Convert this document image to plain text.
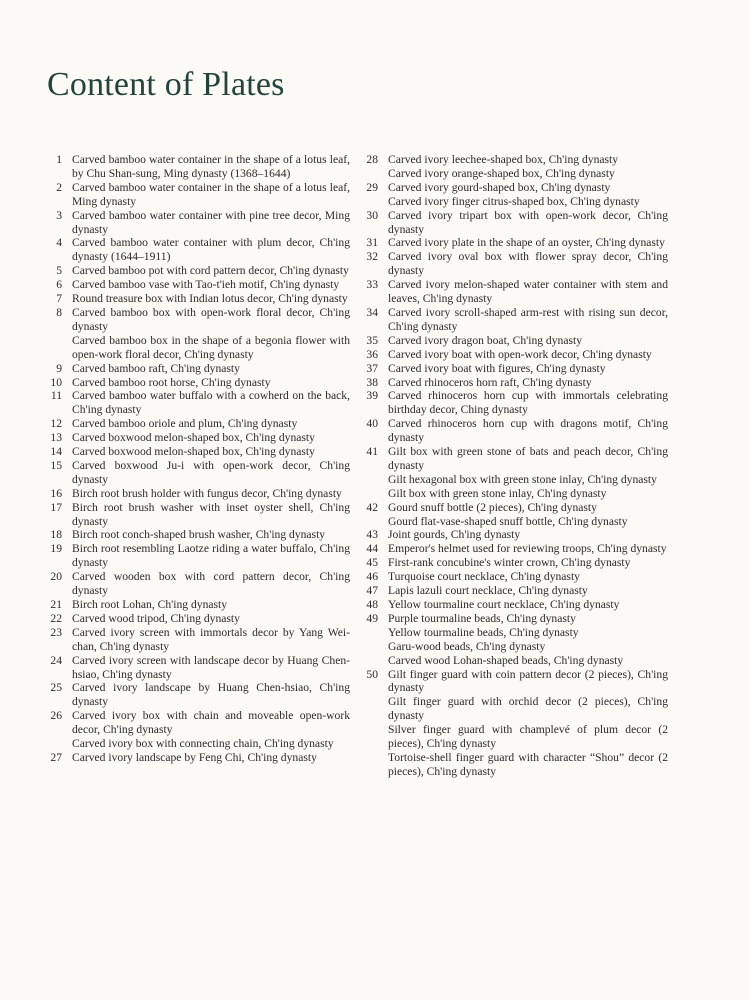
Content of Plates
1 Carved bamboo water container in the shape of a lotus leaf, by Chu Shan-sung, Ming dynasty (1368–1644)
2 Carved bamboo water container in the shape of a lotus leaf, Ming dynasty
3 Carved bamboo water container with pine tree decor, Ming dynasty
4 Carved bamboo water container with plum decor, Ch'ing dynasty (1644–1911)
5 Carved bamboo pot with cord pattern decor, Ch'ing dynasty
6 Carved bamboo vase with Tao-t'ieh motif, Ch'ing dynasty
7 Round treasure box with Indian lotus decor, Ch'ing dynasty
8 Carved bamboo box with open-work floral decor, Ch'ing dynasty
Carved bamboo box in the shape of a begonia flower with open-work floral decor, Ch'ing dynasty
9 Carved bamboo raft, Ch'ing dynasty
10 Carved bamboo root horse, Ch'ing dynasty
11 Carved bamboo water buffalo with a cowherd on the back, Ch'ing dynasty
12 Carved bamboo oriole and plum, Ch'ing dynasty
13 Carved boxwood melon-shaped box, Ch'ing dynasty
14 Carved boxwood melon-shaped box, Ch'ing dynasty
15 Carved boxwood Ju-i with open-work decor, Ch'ing dynasty
16 Birch root brush holder with fungus decor, Ch'ing dynasty
17 Birch root brush washer with inset oyster shell, Ch'ing dynasty
18 Birch root conch-shaped brush washer, Ch'ing dynasty
19 Birch root resembling Laotze riding a water buffalo, Ch'ing dynasty
20 Carved wooden box with cord pattern decor, Ch'ing dynasty
21 Birch root Lohan, Ch'ing dynasty
22 Carved wood tripod, Ch'ing dynasty
23 Carved ivory screen with immortals decor by Yang Wei-chan, Ch'ing dynasty
24 Carved ivory screen with landscape decor by Huang Chen-hsiao, Ch'ing dynasty
25 Carved ivory landscape by Huang Chen-hsiao, Ch'ing dynasty
26 Carved ivory box with chain and moveable open-work decor, Ch'ing dynasty
Carved ivory box with connecting chain, Ch'ing dynasty
27 Carved ivory landscape by Feng Chi, Ch'ing dynasty
28 Carved ivory leechee-shaped box, Ch'ing dynasty
Carved ivory orange-shaped box, Ch'ing dynasty
29 Carved ivory gourd-shaped box, Ch'ing dynasty
Carved ivory finger citrus-shaped box, Ch'ing dynasty
30 Carved ivory tripart box with open-work decor, Ch'ing dynasty
31 Carved ivory plate in the shape of an oyster, Ch'ing dynasty
32 Carved ivory oval box with flower spray decor, Ch'ing dynasty
33 Carved ivory melon-shaped water container with stem and leaves, Ch'ing dynasty
34 Carved ivory scroll-shaped arm-rest with rising sun decor, Ch'ing dynasty
35 Carved ivory dragon boat, Ch'ing dynasty
36 Carved ivory boat with open-work decor, Ch'ing dynasty
37 Carved ivory boat with figures, Ch'ing dynasty
38 Carved rhinoceros horn raft, Ch'ing dynasty
39 Carved rhinoceros horn cup with immortals celebrating birthday decor, Ching dynasty
40 Carved rhinoceros horn cup with dragons motif, Ch'ing dynasty
41 Gilt box with green stone of bats and peach decor, Ch'ing dynasty
Gilt hexagonal box with green stone inlay, Ch'ing dynasty
Gilt box with green stone inlay, Ch'ing dynasty
42 Gourd snuff bottle (2 pieces), Ch'ing dynasty
Gourd flat-vase-shaped snuff bottle, Ch'ing dynasty
43 Joint gourds, Ch'ing dynasty
44 Emperor's helmet used for reviewing troops, Ch'ing dynasty
45 First-rank concubine's winter crown, Ch'ing dynasty
46 Turquoise court necklace, Ch'ing dynasty
47 Lapis lazuli court necklace, Ch'ing dynasty
48 Yellow tourmaline court necklace, Ch'ing dynasty
49 Purple tourmaline beads, Ch'ing dynasty
Yellow tourmaline beads, Ch'ing dynasty
Garu-wood beads, Ch'ing dynasty
Carved wood Lohan-shaped beads, Ch'ing dynasty
50 Gilt finger guard with coin pattern decor (2 pieces), Ch'ing dynasty
Gilt finger guard with orchid decor (2 pieces), Ch'ing dynasty
Silver finger guard with champlevé of plum decor (2 pieces), Ch'ing dynasty
Tortoise-shell finger guard with character “Shou” decor (2 pieces), Ch'ing dynasty
